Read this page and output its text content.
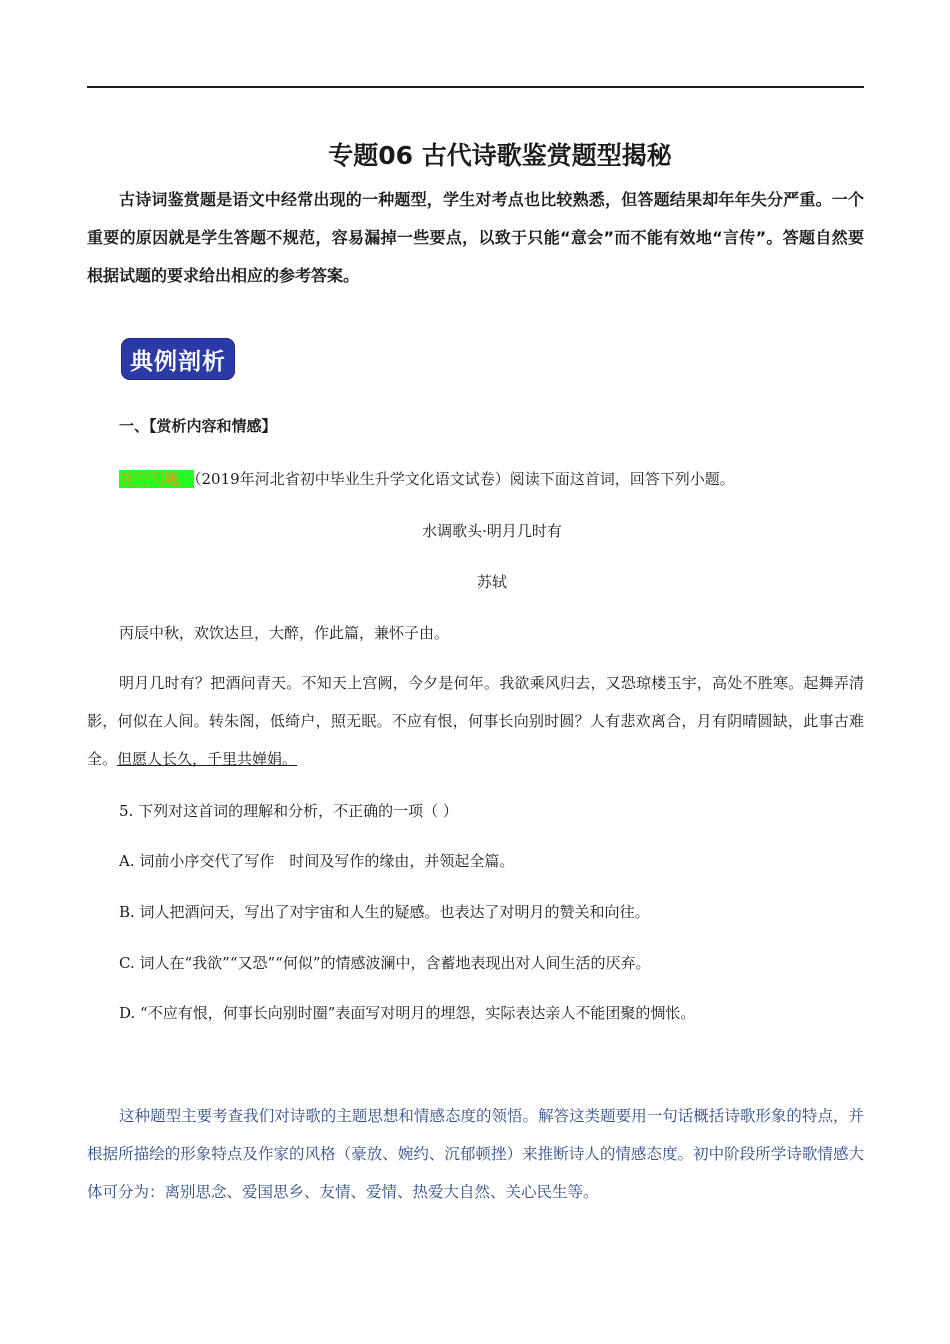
专题06 古代诗歌鉴赏题型揭秘
古诗词鉴赏题是语文中经常出现的一种题型，学生对考点也比较熟悉，但答题结果却年年失分严重。一个重要的原因就是学生答题不规范，容易漏掉一些要点，以致于只能“意会”而不能有效地“言传”。答题自然要根据试题的要求给出相应的参考答案。
典例剖析
一、【赏析内容和情感】
典型例题：（2019年河北省初中毕业生升学文化语文试卷）阅读下面这首词，回答下列小题。
水调歌头·明月几时有
苏轼
丙辰中秋，欢饮达旦，大醉，作此篇，兼怀子由。
明月几时有？把酒问青天。不知天上宫阙，今夕是何年。我欲乘风归去，又恐琼楼玉宇，高处不胜寒。起舞弄清影，何似在人间。转朱阁，低绮户，照无眠。不应有恨，何事长向别时圆？人有悲欢离合，月有阴晴圆缺，此事古难全。但愿人长久，千里共婵娟。
5. 下列对这首词的理解和分析，不正确的一项（ ）
A. 词前小序交代了写作　时间及写作的缘由，并领起全篇。
B. 词人把酒问天，写出了对宇宙和人生的疑感。也表达了对明月的赞关和向往。
C. 词人在“我欲”“又恐”“何似”的情感波澜中，含蓄地表现出对人间生活的厌弃。
D. “不应有恨，何事长向别时圈”表面写对明月的埋怨，实际表达亲人不能团聚的惆怅。
这种题型主要考查我们对诗歌的主题思想和情感态度的领悟。解答这类题要用一句话概括诗歌形象的特点，并根据所描绘的形象特点及作家的风格（豪放、婉约、沉郁顿挫）来推断诗人的情感态度。初中阶段所学诗歌情感大体可分为：离别思念、爱国思乡、友情、爱情、热爱大自然、关心民生等。
